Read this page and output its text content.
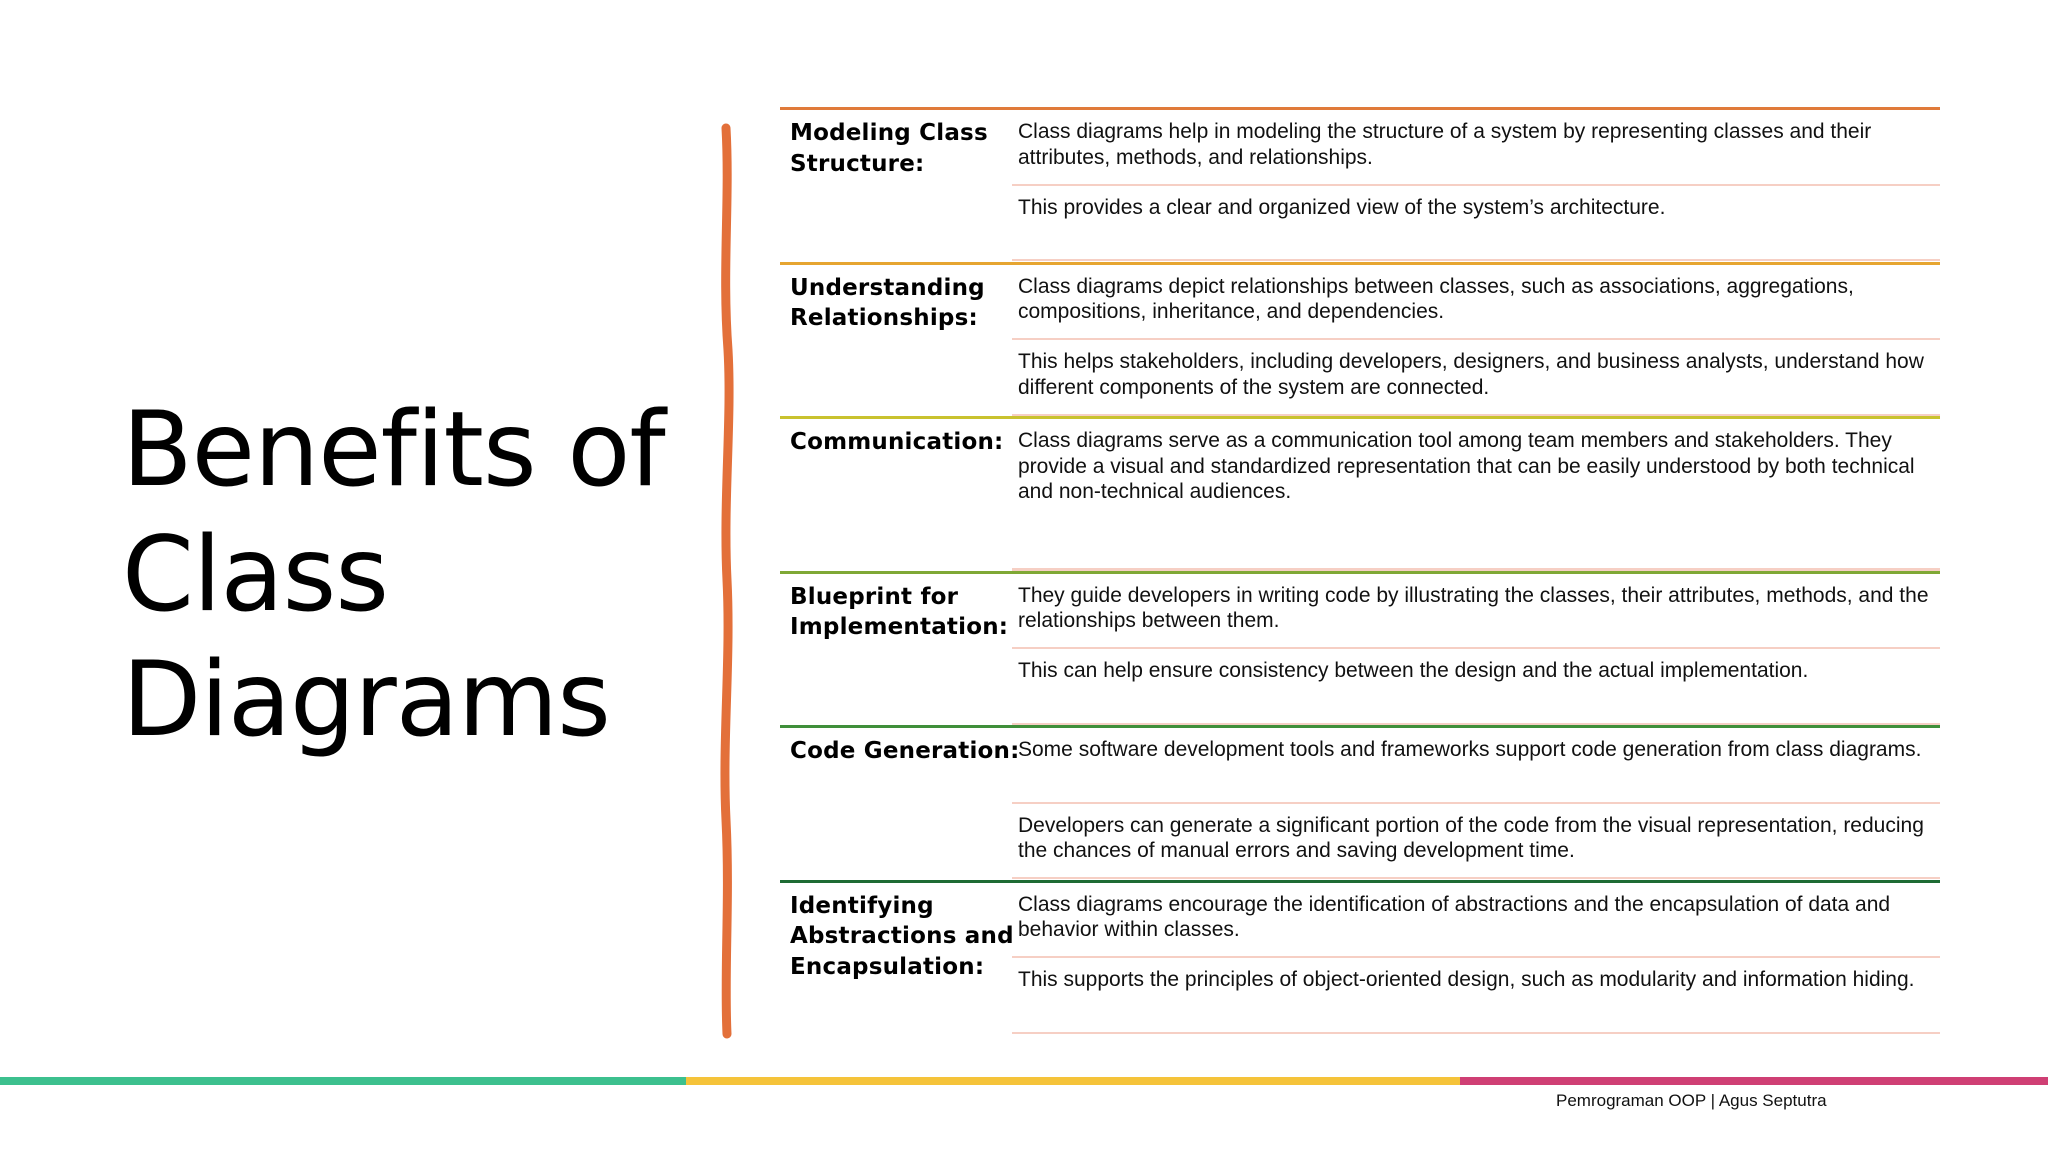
Benefits of Class Diagrams
Modeling Class Structure:
Class diagrams help in modeling the structure of a system by representing classes and their attributes, methods, and relationships.
This provides a clear and organized view of the system’s architecture.
Understanding Relationships:
Class diagrams depict relationships between classes, such as associations, aggregations, compositions, inheritance, and dependencies.
This helps stakeholders, including developers, designers, and business analysts, understand how different components of the system are connected.
Communication: Class diagrams serve as a communication tool among team members and stakeholders. They provide a visual and standardized representation that can be easily understood by both technical and non-technical audiences.
Blueprint for Implementation:
They guide developers in writing code by illustrating the classes, their attributes, methods, and the relationships between them.
This can help ensure consistency between the design and the actual implementation.
Code Generation:
Some software development tools and frameworks support code generation from class diagrams.
Developers can generate a significant portion of the code from the visual representation, reducing the chances of manual errors and saving development time.
Identifying Abstractions and Encapsulation:
Class diagrams encourage the identification of abstractions and the encapsulation of data and behavior within classes.
This supports the principles of object-oriented design, such as modularity and information hiding.
Pemrograman OOP | Agus Septutra
